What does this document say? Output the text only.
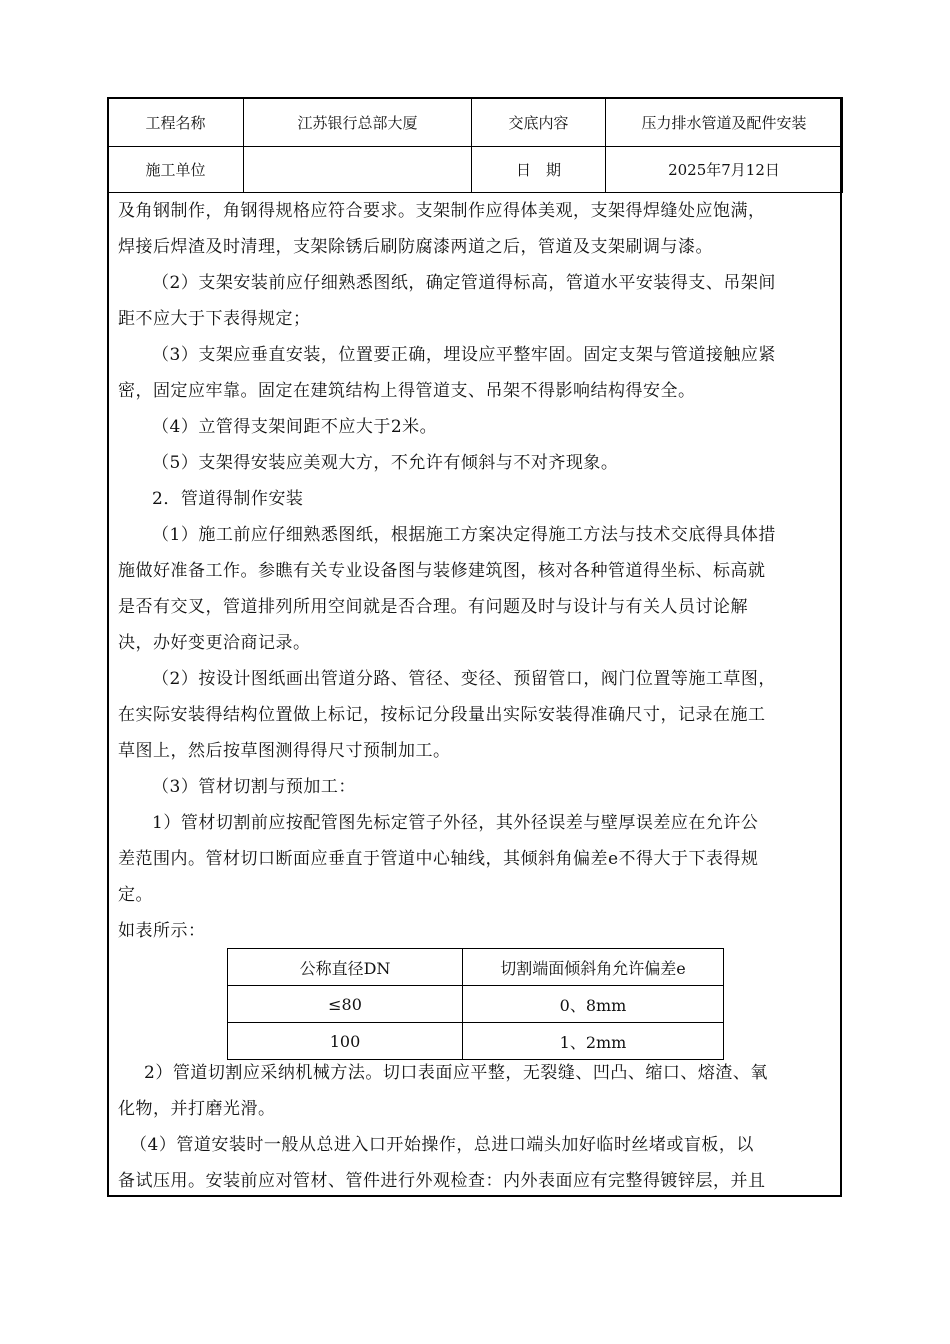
工程名称	江苏银行总部大厦	交底内容	压力排水管道及配件安装
施工单位		日　期	2025年7月12日

及角钢制作，角钢得规格应符合要求。支架制作应得体美观，支架得焊缝处应饱满，

焊接后焊渣及时清理，支架除锈后刷防腐漆两道之后，管道及支架刷调与漆。

（2）支架安装前应仔细熟悉图纸，确定管道得标高，管道水平安装得支、吊架间

距不应大于下表得规定；

（3）支架应垂直安装，位置要正确，埋设应平整牢固。固定支架与管道接触应紧

密，固定应牢靠。固定在建筑结构上得管道支、吊架不得影响结构得安全。

（4）立管得支架间距不应大于2米。

（5）支架得安装应美观大方，不允许有倾斜与不对齐现象。

2．管道得制作安装

（1）施工前应仔细熟悉图纸，根据施工方案决定得施工方法与技术交底得具体措

施做好准备工作。参瞧有关专业设备图与装修建筑图，核对各种管道得坐标、标高就

是否有交叉，管道排列所用空间就是否合理。有问题及时与设计与有关人员讨论解

决，办好变更洽商记录。

（2）按设计图纸画出管道分路、管径、变径、预留管口，阀门位置等施工草图，

在实际安装得结构位置做上标记，按标记分段量出实际安装得准确尺寸，记录在施工

草图上，然后按草图测得得尺寸预制加工。

（3）管材切割与预加工：

1）管材切割前应按配管图先标定管子外径，其外径误差与壁厚误差应在允许公

差范围内。管材切口断面应垂直于管道中心轴线，其倾斜角偏差e不得大于下表得规

定。

如表所示：

公称直径DN	切割端面倾斜角允许偏差e
≤80	0、8mm
100	1、2mm

2）管道切割应采纳机械方法。切口表面应平整，无裂缝、凹凸、缩口、熔渣、氧

化物，并打磨光滑。

（4）管道安装时一般从总进入口开始操作，总进口端头加好临时丝堵或盲板，以

备试压用。安装前应对管材、管件进行外观检查：内外表面应有完整得镀锌层，并且
